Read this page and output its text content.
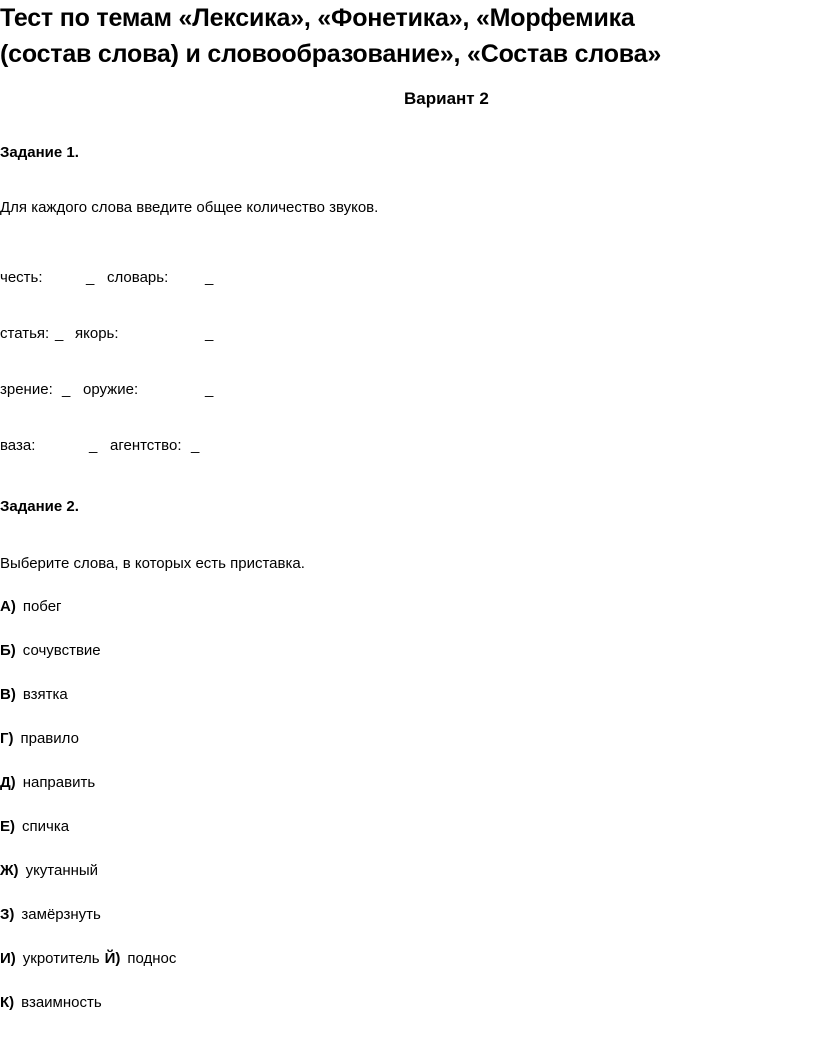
Тест по темам «Лексика», «Фонетика», «Морфемика
(состав слова) и словообразование», «Состав слова»
Вариант 2
Задание 1.
Для каждого слова введите общее количество звуков.
честь:	_ словарь: _
статья: _ якорь:	_
зрение: _ оружие:	_
ваза:	_ агентство: _
Задание 2.
Выберите слова, в которых есть приставка.
А) побег
Б) сочувствие
В) взятка
Г) правило
Д) направить
Е) спичка
Ж) укутанный
З) замёрзнуть
И) укротитель Й) поднос
К) взаимность
